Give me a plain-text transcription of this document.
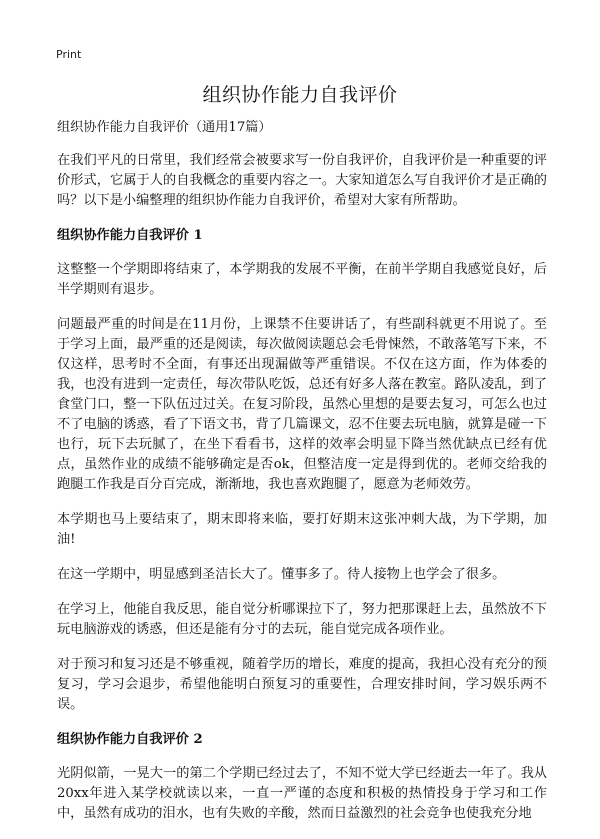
Print
组织协作能力自我评价

组织协作能力自我评价（通用17篇）

在我们平凡的日常里，我们经常会被要求写一份自我评价，自我评价是一种重要的评价形式，它属于人的自我概念的重要内容之一。大家知道怎么写自我评价才是正确的吗？以下是小编整理的组织协作能力自我评价，希望对大家有所帮助。

组织协作能力自我评价 1

这整整一个学期即将结束了，本学期我的发展不平衡，在前半学期自我感觉良好，后半学期则有退步。

问题最严重的时间是在11月份，上课禁不住要讲话了，有些副科就更不用说了。至于学习上面，最严重的还是阅读，每次做阅读题总会毛骨悚然，不敢落笔写下来，不仅这样，思考时不全面，有事还出现漏做等严重错误。不仅在这方面，作为体委的我，也没有进到一定责任，每次带队吃饭，总还有好多人落在教室。路队凌乱，到了食堂门口，整一下队伍过过关。在复习阶段，虽然心里想的是要去复习，可怎么也过不了电脑的诱惑，看了下语文书，背了几篇课文，忍不住要去玩电脑，就算是碰一下也行，玩下去玩腻了，在坐下看看书，这样的效率会明显下降当然优缺点已经有优点，虽然作业的成绩不能够确定是否ok，但整洁度一定是得到优的。老师交给我的跑腿工作我是百分百完成，渐渐地，我也喜欢跑腿了，愿意为老师效劳。

本学期也马上要结束了，期末即将来临，要打好期末这张冲刺大战，为下学期，加油!

在这一学期中，明显感到圣洁长大了。懂事多了。待人接物上也学会了很多。

在学习上，他能自我反思，能自觉分析哪课拉下了，努力把那课赶上去，虽然放不下玩电脑游戏的诱惑，但还是能有分寸的去玩，能自觉完成各项作业。

对于预习和复习还是不够重视，随着学历的增长，难度的提高，我担心没有充分的预复习，学习会退步，希望他能明白预复习的重要性，合理安排时间，学习娱乐两不误。

组织协作能力自我评价 2

光阴似箭，一晃大一的第二个学期已经过去了，不知不觉大学已经逝去一年了。我从20xx年进入某学校就读以来，一直一严谨的态度和积极的热情投身于学习和工作中，虽然有成功的泪水，也有失败的辛酸，然而日益激烈的社会竞争也使我充分地
